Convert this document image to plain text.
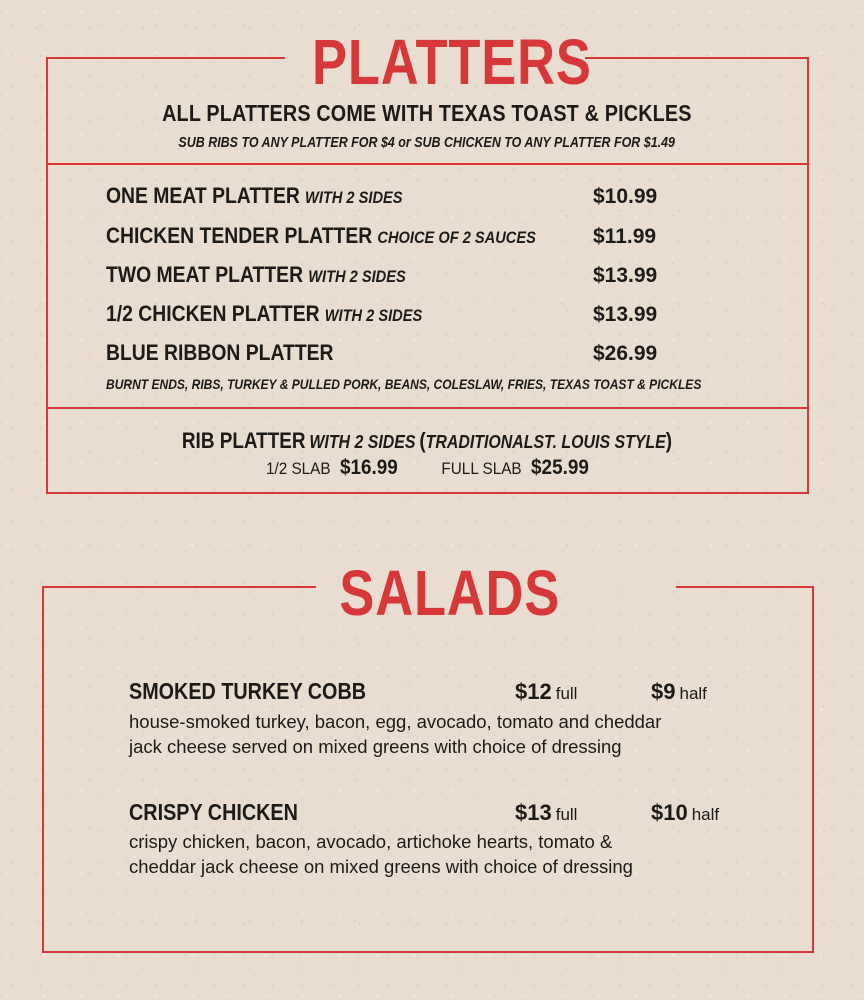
PLATTERS
ALL PLATTERS COME WITH TEXAS TOAST & PICKLES
SUB RIBS TO ANY PLATTER FOR $4 or SUB CHICKEN TO ANY PLATTER FOR $1.49
ONE MEAT PLATTER WITH 2 SIDES	$10.99
CHICKEN TENDER PLATTER CHOICE OF 2 SAUCES	$11.99
TWO MEAT PLATTER WITH 2 SIDES	$13.99
1/2 CHICKEN PLATTER WITH 2 SIDES	$13.99
BLUE RIBBON PLATTER	$26.99
BURNT ENDS, RIBS, TURKEY & PULLED PORK, BEANS, COLESLAW, FRIES, TEXAS TOAST & PICKLES
RIB PLATTER WITH 2 SIDES (TRADITIONALST. LOUIS STYLE)
1/2 SLAB $16.99	FULL SLAB $25.99
SALADS
SMOKED TURKEY COBB	$12 full	$9 half
house-smoked turkey, bacon, egg, avocado, tomato and cheddar
jack cheese served on mixed greens with choice of dressing
CRISPY CHICKEN	$13 full	$10 half
crispy chicken, bacon, avocado, artichoke hearts, tomato &
cheddar jack cheese on mixed greens with choice of dressing
